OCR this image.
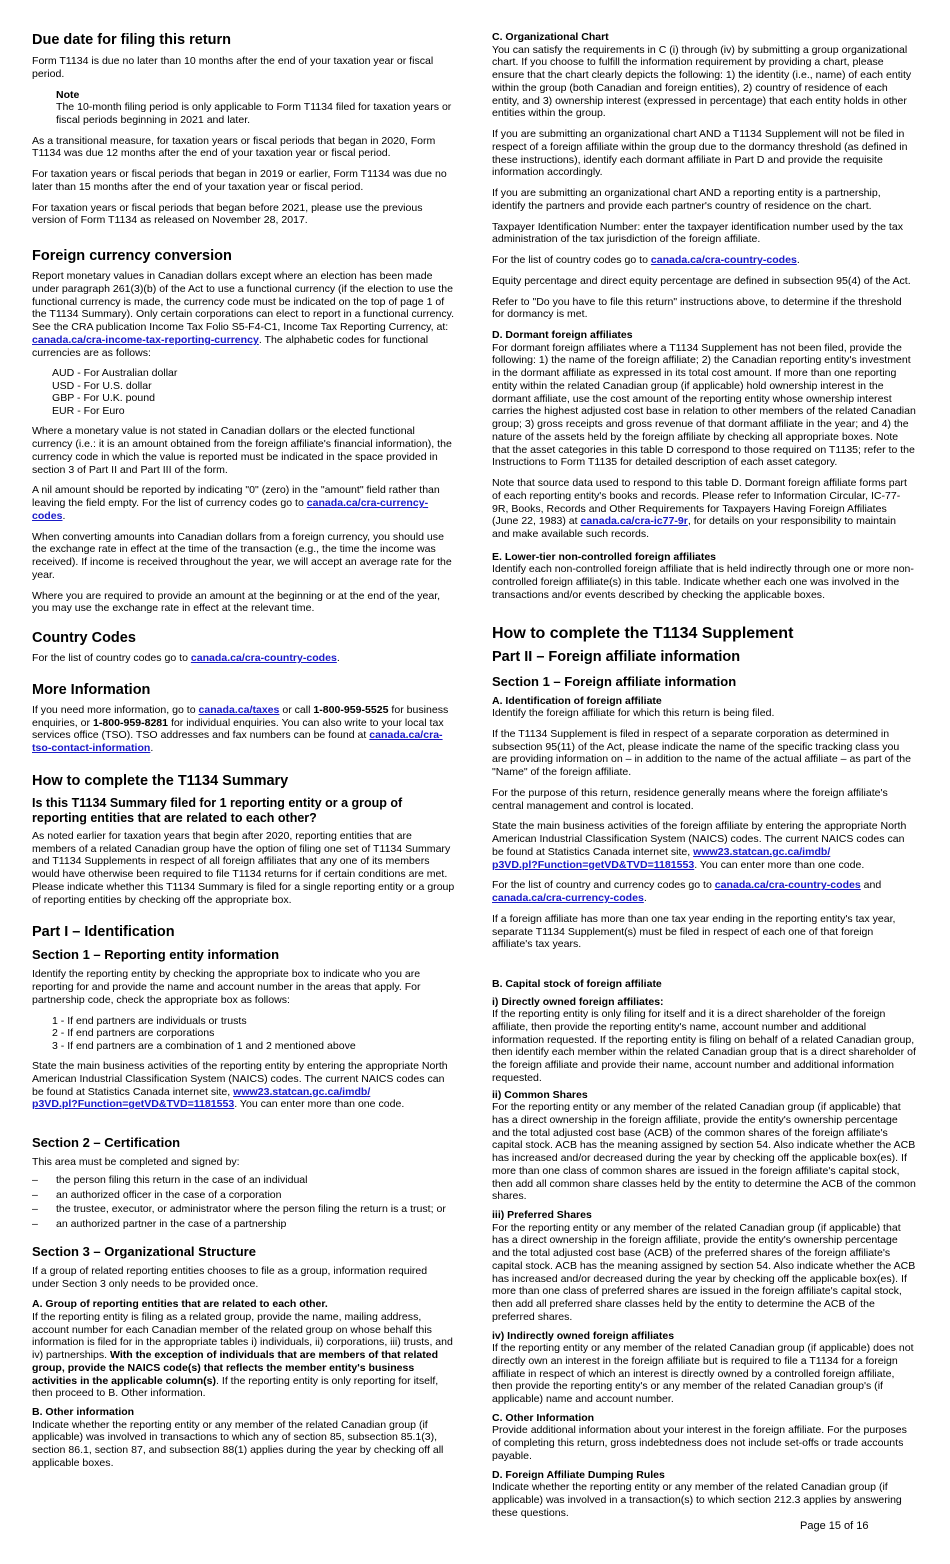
Due date for filing this return

Form T1134 is due no later than 10 months after the end of your taxation year or fiscal period.

Note

The 10-month filing period is only applicable to Form T1134 filed for taxation years or fiscal periods beginning in 2021 and later.

As a transitional measure, for taxation years or fiscal periods that began in 2020, Form T1134 was due 12 months after the end of your taxation year or fiscal period.

For taxation years or fiscal periods that began in 2019 or earlier, Form T1134 was due no later than 15 months after the end of your taxation year or fiscal period.

For taxation years or fiscal periods that began before 2021, please use the previous version of Form T1134 as released on November 28, 2017.

Foreign currency conversion

Report monetary values in Canadian dollars except where an election has been made under paragraph 261(3)(b) of the Act to use a functional currency (if the election to use the functional currency is made, the currency code must be indicated on the top of page 1 of the T1134 Summary). Only certain corporations can elect to report in a functional currency. See the CRA publication Income Tax Folio S5-F4-C1, Income Tax Reporting Currency, at: canada.ca/cra-income-tax-reporting-currency. The alphabetic codes for functional currencies are as follows:

AUD - For Australian dollar
USD - For U.S. dollar
GBP - For U.K. pound
EUR - For Euro

Where a monetary value is not stated in Canadian dollars or the elected functional currency (i.e.: it is an amount obtained from the foreign affiliate's financial information), the currency code in which the value is reported must be indicated in the space provided in section 3 of Part II and Part III of the form.

A nil amount should be reported by indicating "0" (zero) in the "amount" field rather than leaving the field empty. For the list of currency codes go to canada.ca/cra-currency-codes.

When converting amounts into Canadian dollars from a foreign currency, you should use the exchange rate in effect at the time of the transaction (e.g., the time the income was received). If income is received throughout the year, we will accept an average rate for the year.

Where you are required to provide an amount at the beginning or at the end of the year, you may use the exchange rate in effect at the relevant time.

Country Codes

For the list of country codes go to canada.ca/cra-country-codes.

More Information

If you need more information, go to canada.ca/taxes or call 1-800-959-5525 for business enquiries, or 1-800-959-8281 for individual enquiries. You can also write to your local tax services office (TSO). TSO addresses and fax numbers can be found at canada.ca/cra-tso-contact-information.

How to complete the T1134 Summary
Is this T1134 Summary filed for 1 reporting entity or a group of reporting entities that are related to each other?

As noted earlier for taxation years that begin after 2020, reporting entities that are members of a related Canadian group have the option of filing one set of T1134 Summary and T1134 Supplements in respect of all foreign affiliates that any one of its members would have otherwise been required to file T1134 returns for if certain conditions are met. Please indicate whether this T1134 Summary is filed for a single reporting entity or a group of reporting entities by checking off the appropriate box.

Part I – Identification
Section 1 – Reporting entity information

Identify the reporting entity by checking the appropriate box to indicate who you are reporting for and provide the name and account number in the areas that apply. For partnership code, check the appropriate box as follows:

1 - If end partners are individuals or trusts
2 - If end partners are corporations
3 - If end partners are a combination of 1 and 2 mentioned above

State the main business activities of the reporting entity by entering the appropriate North American Industrial Classification System (NAICS) codes. The current NAICS codes can be found at Statistics Canada internet site, www23.statcan.gc.ca/imdb/
p3VD.pl?Function=getVD&TVD=1181553. You can enter more than one code.

Section 2 – Certification

This area must be completed and signed by:

–	the person filing this return in the case of an individual
–	an authorized officer in the case of a corporation
–	the trustee, executor, or administrator where the person filing the return is a trust; or
–	an authorized partner in the case of a partnership
Section 3 – Organizational Structure

If a group of related reporting entities chooses to file as a group, information required under Section 3 only needs to be provided once.

A. Group of reporting entities that are related to each other.

If the reporting entity is filing as a related group, provide the name, mailing address, account number for each Canadian member of the related group on whose behalf this information is filed for in the appropriate tables i) individuals, ii) corporations, iii) trusts, and iv) partnerships. With the exception of individuals that are members of that related group, provide the NAICS code(s) that reflects the member entity's business activities in the applicable column(s). If the reporting entity is only reporting for itself, then proceed to B. Other information.

B. Other information

Indicate whether the reporting entity or any member of the related Canadian group (if applicable) was involved in transactions to which any of section 85, subsection 85.1(3), section 86.1, section 87, and subsection 88(1) applies during the year by checking off all applicable boxes.

C. Organizational Chart

You can satisfy the requirements in C (i) through (iv) by submitting a group organizational chart. If you choose to fulfill the information requirement by providing a chart, please ensure that the chart clearly depicts the following: 1) the identity (i.e., name) of each entity within the group (both Canadian and foreign entities), 2) country of residence of each entity, and 3) ownership interest (expressed in percentage) that each entity holds in other entities within the group.

If you are submitting an organizational chart AND a T1134 Supplement will not be filed in respect of a foreign affiliate within the group due to the dormancy threshold (as defined in these instructions), identify each dormant affiliate in Part D and provide the requisite information accordingly.

If you are submitting an organizational chart AND a reporting entity is a partnership, identify the partners and provide each partner's country of residence on the chart.

Taxpayer Identification Number: enter the taxpayer identification number used by the tax administration of the tax jurisdiction of the foreign affiliate.

For the list of country codes go to canada.ca/cra-country-codes.

Equity percentage and direct equity percentage are defined in subsection 95(4) of the Act.

Refer to "Do you have to file this return" instructions above, to determine if the threshold for dormancy is met.

D. Dormant foreign affiliates

For dormant foreign affiliates where a T1134 Supplement has not been filed, provide the following: 1) the name of the foreign affiliate; 2) the Canadian reporting entity's investment in the dormant affiliate as expressed in its total cost amount. If more than one reporting entity within the related Canadian group (if applicable) hold ownership interest in the dormant affiliate, use the cost amount of the reporting entity whose ownership interest carries the highest adjusted cost base in relation to other members of the related Canadian group; 3) gross receipts and gross revenue of that dormant affiliate in the year; and 4) the nature of the assets held by the foreign affiliate by checking all appropriate boxes. Note that the asset categories in this table D correspond to those required on T1135; refer to the Instructions to Form T1135 for detailed description of each asset category.

Note that source data used to respond to this table D. Dormant foreign affiliate forms part of each reporting entity's books and records. Please refer to Information Circular, IC-77-9R, Books, Records and Other Requirements for Taxpayers Having Foreign Affiliates (June 22, 1983) at canada.ca/cra-ic77-9r, for details on your responsibility to maintain and make available such records.

E. Lower-tier non-controlled foreign affiliates

Identify each non-controlled foreign affiliate that is held indirectly through one or more non-controlled foreign affiliate(s) in this table. Indicate whether each one was involved in the transactions and/or events described by checking the applicable boxes.

How to complete the T1134 Supplement
Part II – Foreign affiliate information
Section 1 – Foreign affiliate information
A. Identification of foreign affiliate

Identify the foreign affiliate for which this return is being filed.

If the T1134 Supplement is filed in respect of a separate corporation as determined in subsection 95(11) of the Act, please indicate the name of the specific tracking class you are providing information on – in addition to the name of the actual affiliate – as part of the "Name" of the foreign affiliate.

For the purpose of this return, residence generally means where the foreign affiliate's central management and control is located.

State the main business activities of the foreign affiliate by entering the appropriate North American Industrial Classification System (NAICS) codes. The current NAICS codes can be found at Statistics Canada internet site, www23.statcan.gc.ca/imdb/
p3VD.pl?Function=getVD&TVD=1181553. You can enter more than one code.

For the list of country and currency codes go to canada.ca/cra-country-codes and
canada.ca/cra-currency-codes.

If a foreign affiliate has more than one tax year ending in the reporting entity's tax year, separate T1134 Supplement(s) must be filed in respect of each one of that foreign affiliate's tax years.

B. Capital stock of foreign affiliate
i) Directly owned foreign affiliates:

If the reporting entity is only filing for itself and it is a direct shareholder of the foreign affiliate, then provide the reporting entity's name, account number and additional information requested. If the reporting entity is filing on behalf of a related Canadian group, then identify each member within the related Canadian group that is a direct shareholder of the foreign affiliate and provide their name, account number and additional information requested.

ii) Common Shares

For the reporting entity or any member of the related Canadian group (if applicable) that has a direct ownership in the foreign affiliate, provide the entity's ownership percentage and the total adjusted cost base (ACB) of the common shares of the foreign affiliate's capital stock. ACB has the meaning assigned by section 54. Also indicate whether the ACB has increased and/or decreased during the year by checking off the applicable box(es). If more than one class of common shares are issued in the foreign affiliate's capital stock, then add all common share classes held by the entity to determine the ACB of the common shares.

iii) Preferred Shares

For the reporting entity or any member of the related Canadian group (if applicable) that has a direct ownership in the foreign affiliate, provide the entity's ownership percentage and the total adjusted cost base (ACB) of the preferred shares of the foreign affiliate's capital stock. ACB has the meaning assigned by section 54. Also indicate whether the ACB has increased and/or decreased during the year by checking off the applicable box(es). If more than one class of preferred shares are issued in the foreign affiliate's capital stock, then add all preferred share classes held by the entity to determine the ACB of the preferred shares.

iv) Indirectly owned foreign affiliates

If the reporting entity or any member of the related Canadian group (if applicable) does not directly own an interest in the foreign affiliate but is required to file a T1134 for a foreign affiliate in respect of which an interest is directly owned by a controlled foreign affiliate, then provide the reporting entity's or any member of the related Canadian group's (if applicable) name and account number.

C. Other Information

Provide additional information about your interest in the foreign affiliate. For the purposes of completing this return, gross indebtedness does not include set-offs or trade accounts payable.

D. Foreign Affiliate Dumping Rules

Indicate whether the reporting entity or any member of the related Canadian group (if applicable) was involved in a transaction(s) to which section 212.3 applies by answering these questions.

Page 15 of 16
